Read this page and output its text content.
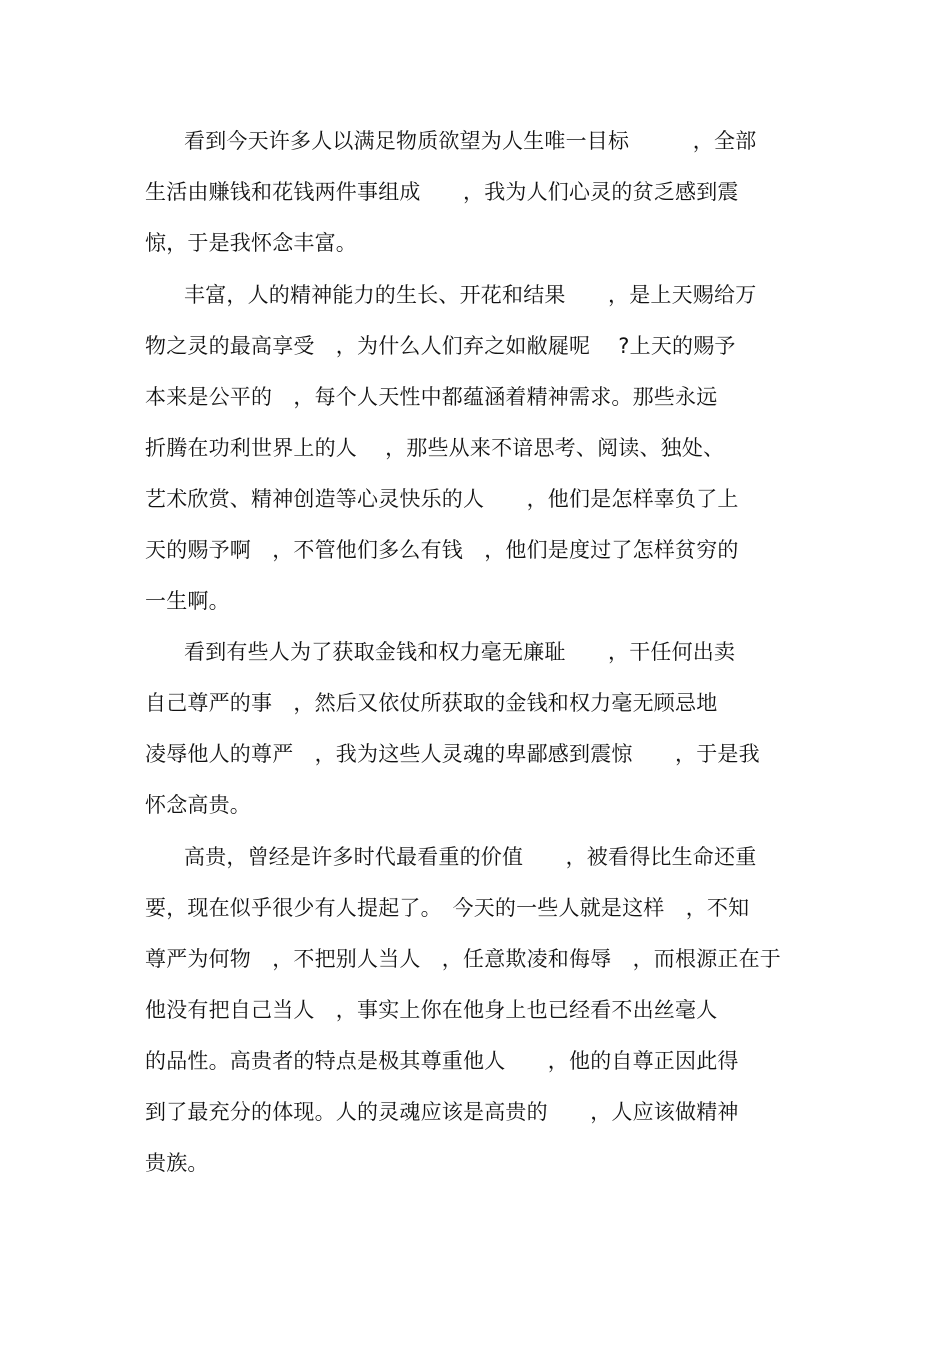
看到今天许多人以满足物质欲望为人生唯一目标　　　，全部
生活由赚钱和花钱两件事组成　　，我为人们心灵的贫乏感到震
惊，于是我怀念丰富。
丰富，人的精神能力的生长、开花和结果　　，是上天赐给万
物之灵的最高享受　，为什么人们弃之如敝屣呢　 ?上天的赐予
本来是公平的　，每个人天性中都蕴涵着精神需求。那些永远
折腾在功利世界上的人　 ，那些从来不谙思考、阅读、独处、
艺术欣赏、精神创造等心灵快乐的人　　，他们是怎样辜负了上
天的赐予啊　，不管他们多么有钱　，他们是度过了怎样贫穷的
一生啊。
看到有些人为了获取金钱和权力毫无廉耻　　，干任何出卖
自己尊严的事　，然后又依仗所获取的金钱和权力毫无顾忌地
凌辱他人的尊严　，我为这些人灵魂的卑鄙感到震惊　　，于是我
怀念高贵。
高贵，曾经是许多时代最看重的价值　　，被看得比生命还重
要，现在似乎很少有人提起了。　今天的一些人就是这样　，不知
尊严为何物　，不把别人当人　，任意欺凌和侮辱　，而根源正在于
他没有把自己当人　，事实上你在他身上也已经看不出丝毫人
的品性。高贵者的特点是极其尊重他人　　，他的自尊正因此得
到了最充分的体现。人的灵魂应该是高贵的　　，人应该做精神
贵族。
